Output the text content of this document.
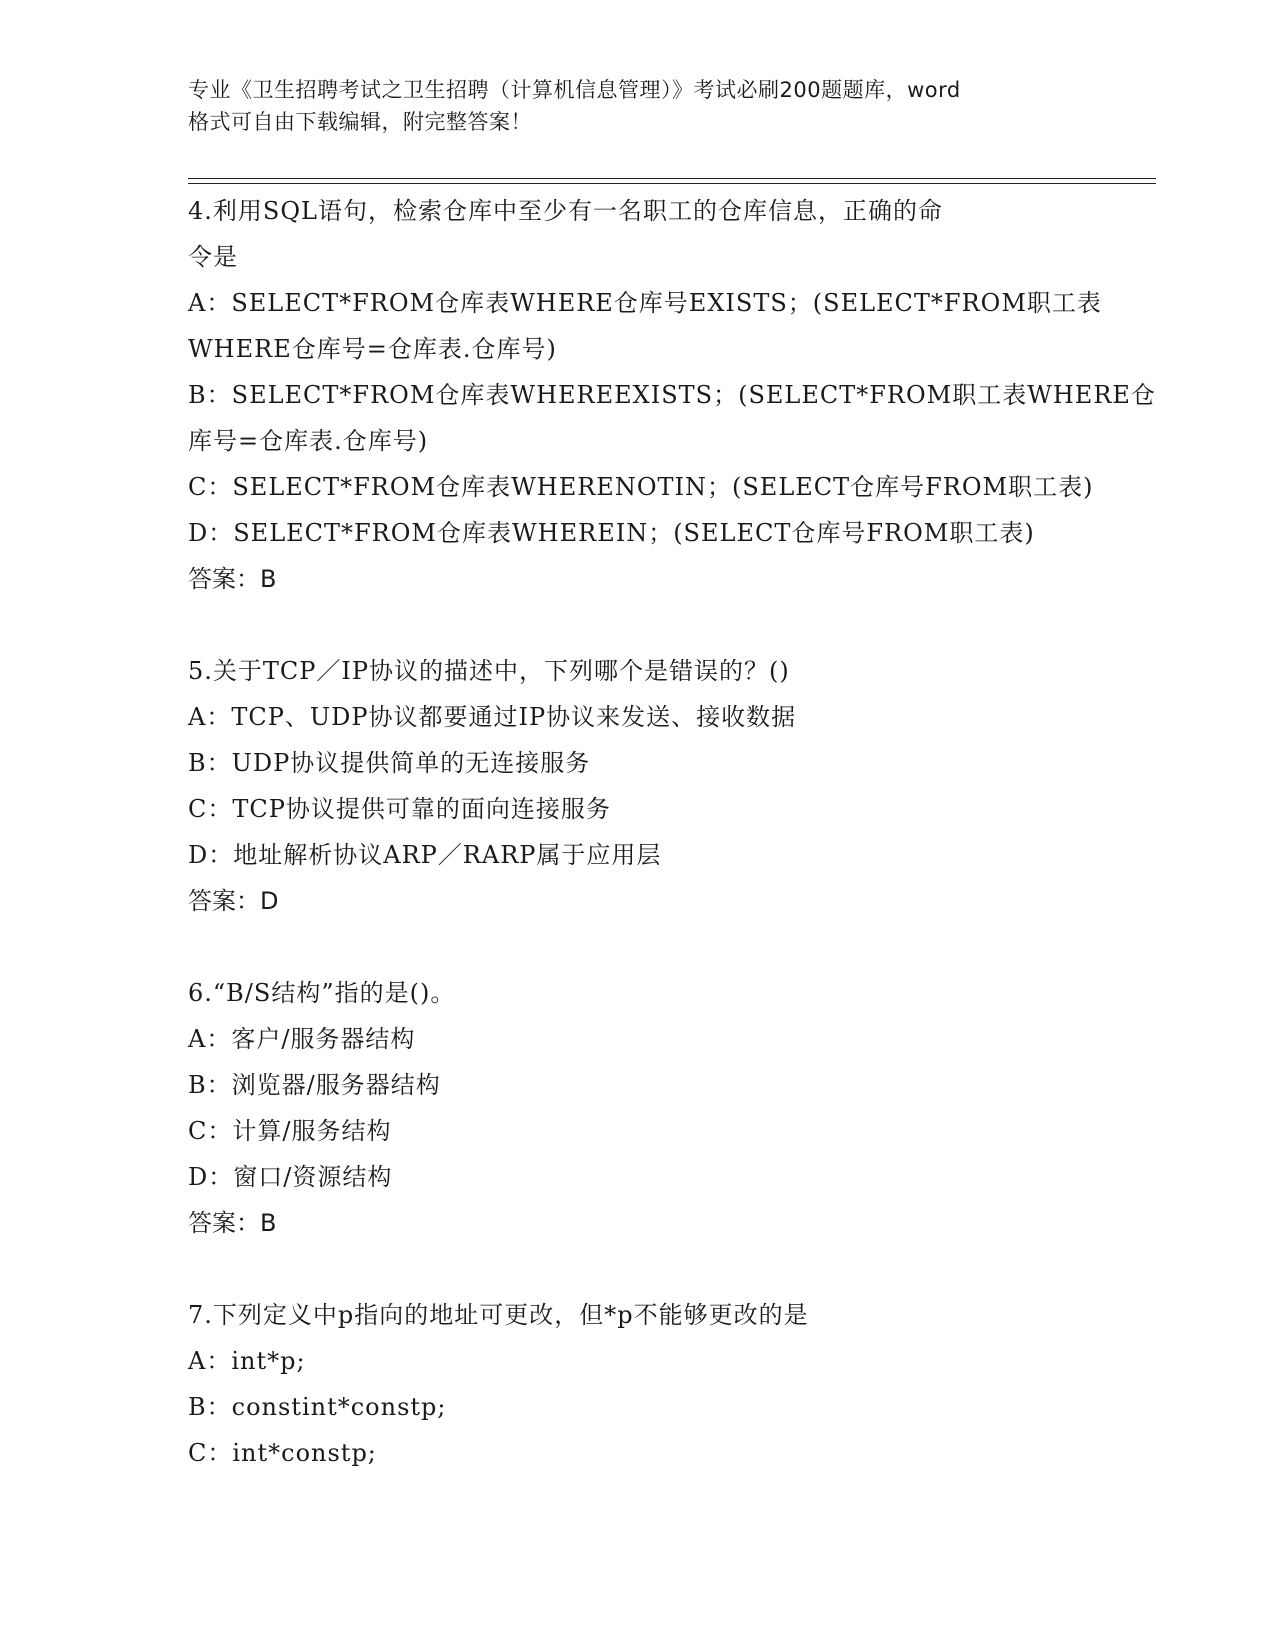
专业《卫生招聘考试之卫生招聘（计算机信息管理）》考试必刷200题题库，word
格式可自由下载编辑，附完整答案！
4.利用SQL语句，检索仓库中至少有一名职工的仓库信息，正确的命
令是
A：SELECT*FROM仓库表WHERE仓库号EXISTS；(SELECT*FROM职工表
WHERE仓库号=仓库表.仓库号)
B：SELECT*FROM仓库表WHEREEXISTS；(SELECT*FROM职工表WHERE仓
库号=仓库表.仓库号)
C：SELECT*FROM仓库表WHERENOTIN；(SELECT仓库号FROM职工表)
D：SELECT*FROM仓库表WHEREIN；(SELECT仓库号FROM职工表)
答案：B
5.关于TCP／IP协议的描述中，下列哪个是错误的？()
A：TCP、UDP协议都要通过IP协议来发送、接收数据
B：UDP协议提供简单的无连接服务
C：TCP协议提供可靠的面向连接服务
D：地址解析协议ARP／RARP属于应用层
答案：D
6.“B/S结构”指的是()。
A：客户/服务器结构
B：浏览器/服务器结构
C：计算/服务结构
D：窗口/资源结构
答案：B
7.下列定义中p指向的地址可更改，但*p不能够更改的是
A：int*p;
B：constint*constp;
C：int*constp;
